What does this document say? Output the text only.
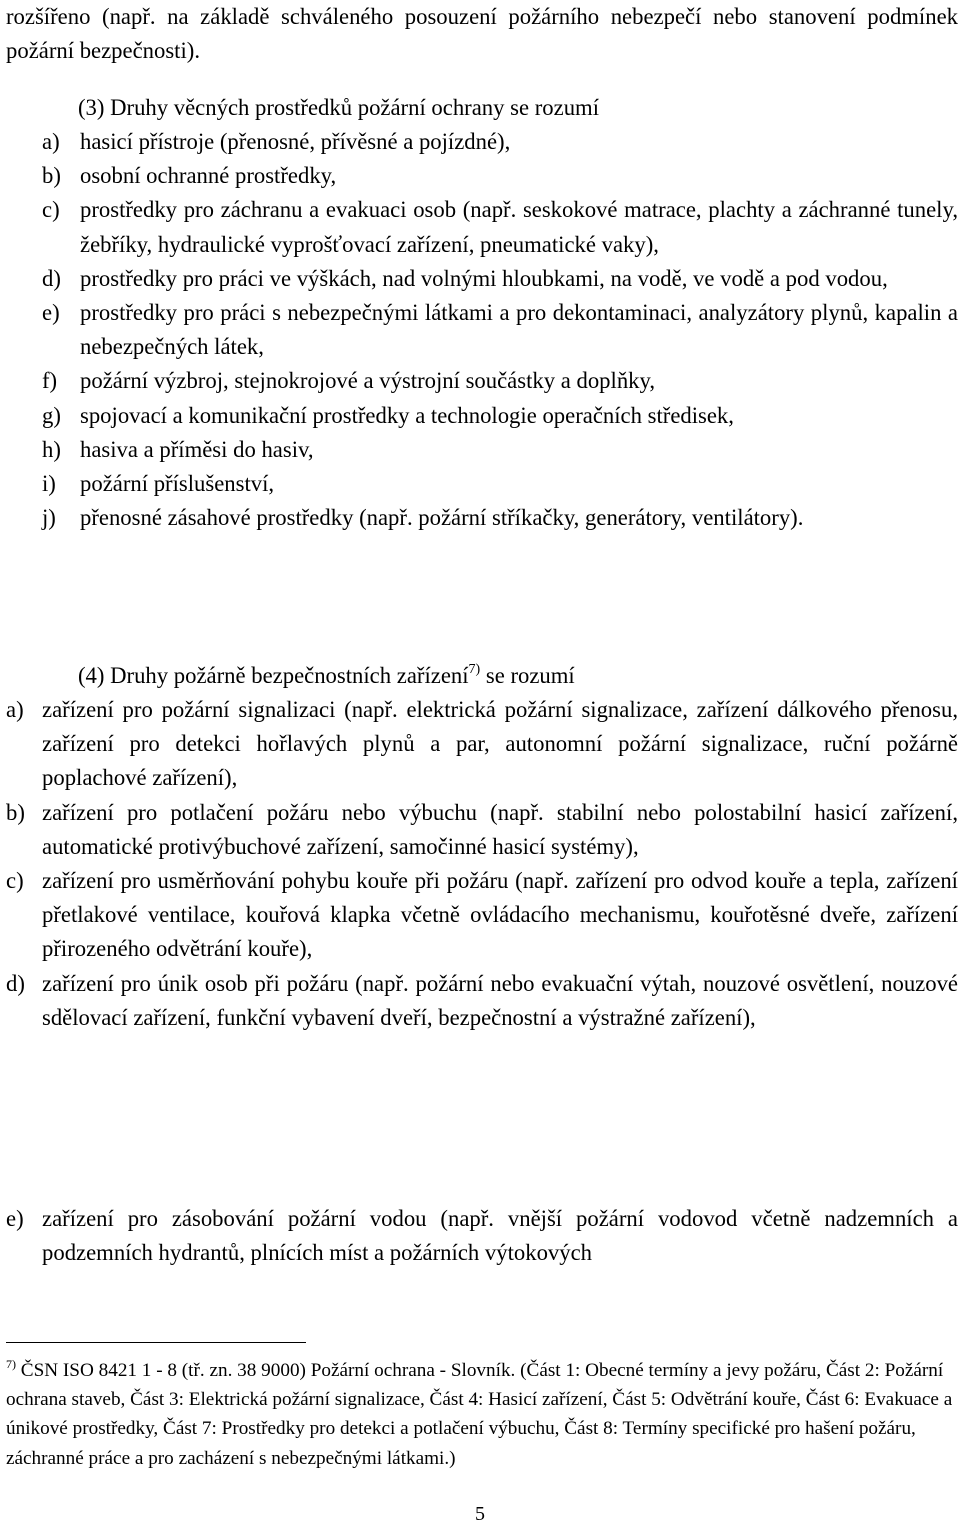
rozšířeno (např. na základě schváleného posouzení požárního nebezpečí nebo stanovení podmínek požární bezpečnosti).

(3) Druhy věcných prostředků požární ochrany se rozumí

a) hasicí přístroje (přenosné, přívěsné a pojízdné),
b) osobní ochranné prostředky,
c) prostředky pro záchranu a evakuaci osob (např. seskokové matrace, plachty a záchranné tunely, žebříky, hydraulické vyprošťovací zařízení, pneumatické vaky),
d) prostředky pro práci ve výškách, nad volnými hloubkami, na vodě, ve vodě a pod vodou,
e) prostředky pro práci s nebezpečnými látkami a pro dekontaminaci, analyzátory plynů, kapalin a nebezpečných látek,
f) požární výzbroj, stejnokrojové a výstrojní součástky a doplňky,
g) spojovací a komunikační prostředky a technologie operačních středisek,
h) hasiva a příměsi do hasiv,
i) požární příslušenství,
j) přenosné zásahové prostředky (např. požární stříkačky, generátory, ventilátory).

(4) Druhy požárně bezpečnostních zařízení$^{7)}$ se rozumí

a) zařízení pro požární signalizaci (např. elektrická požární signalizace, zařízení dálkového přenosu, zařízení pro detekci hořlavých plynů a par, autonomní požární signalizace, ruční požárně poplachové zařízení),
b) zařízení pro potlačení požáru nebo výbuchu (např. stabilní nebo polostabilní hasicí zařízení, automatické protivýbuchové zařízení, samočinné hasicí systémy),
c) zařízení pro usměrňování pohybu kouře při požáru (např. zařízení pro odvod kouře a tepla, zařízení přetlakové ventilace, kouřová klapka včetně ovládacího mechanismu, kouřotěsné dveře, zařízení přirozeného odvětrání kouře),
d) zařízení pro únik osob při požáru (např. požární nebo evakuační výtah, nouzové osvětlení, nouzové sdělovací zařízení, funkční vybavení dveří, bezpečnostní a výstražné zařízení),
e) zařízení pro zásobování požární vodou (např. vnější požární vodovod včetně nadzemních a podzemních hydrantů, plnících míst a požárních výtokových

$^{7)}$ ČSN ISO 8421 1 - 8 (tř. zn. 38 9000) Požární ochrana - Slovník. (Část 1: Obecné termíny a jevy požáru, Část 2: Požární ochrana staveb, Část 3: Elektrická požární signalizace, Část 4: Hasicí zařízení, Část 5: Odvětrání kouře, Část 6: Evakuace a únikové prostředky, Část 7: Prostředky pro detekci a potlačení výbuchu, Část 8: Termíny specifické pro hašení požáru, záchranné práce a pro zacházení s nebezpečnými látkami.)

5
